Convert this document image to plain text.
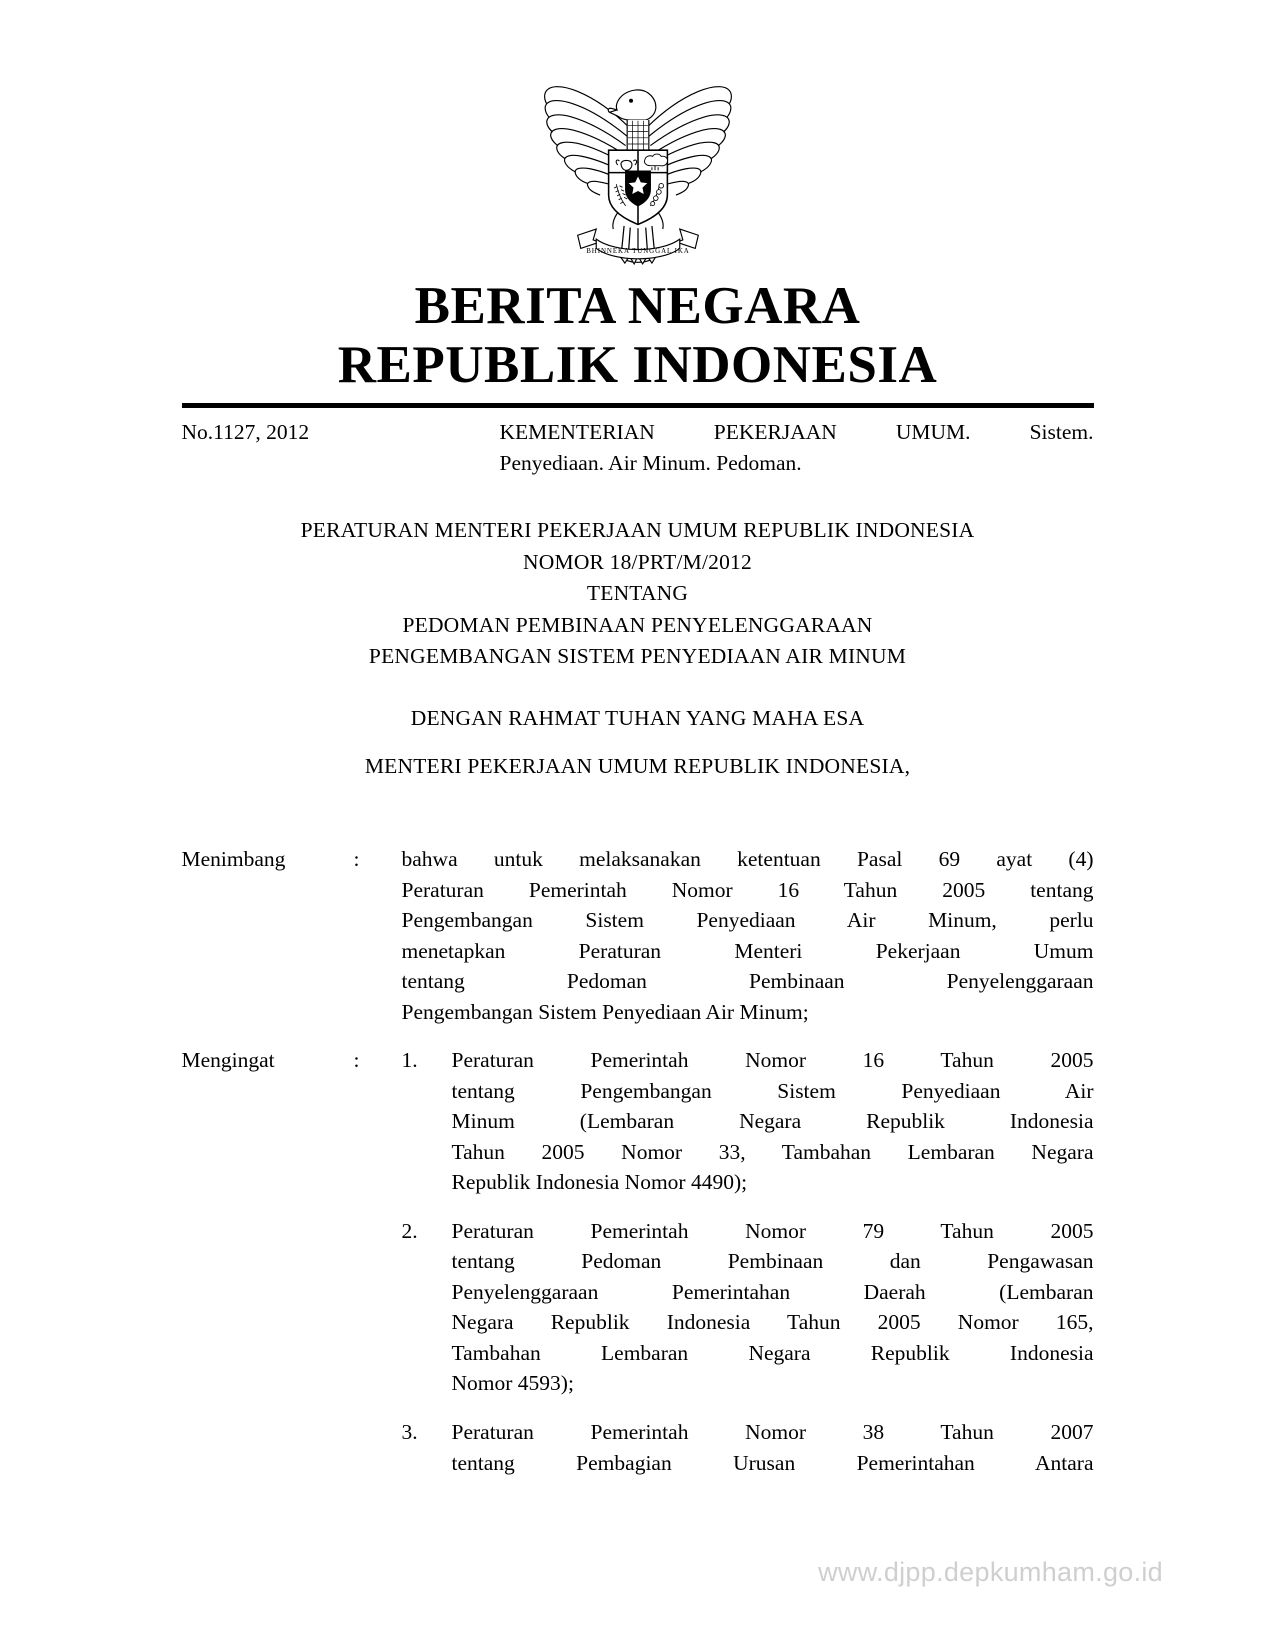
BHINNEKA TUNGGAL IKA
BERITA NEGARA
REPUBLIK INDONESIA
No.1127, 2012	KEMENTERIAN PEKERJAAN UMUM. Sistem.
Penyediaan. Air Minum. Pedoman.
PERATURAN MENTERI PEKERJAAN UMUM REPUBLIK INDONESIA
NOMOR 18/PRT/M/2012
TENTANG
PEDOMAN PEMBINAAN PENYELENGGARAAN
PENGEMBANGAN SISTEM PENYEDIAAN AIR MINUM
DENGAN RAHMAT TUHAN YANG MAHA ESA
MENTERI PEKERJAAN UMUM REPUBLIK INDONESIA,
Menimbang	:	bahwa untuk melaksanakan ketentuan Pasal 69 ayat (4)
Peraturan Pemerintah Nomor 16 Tahun 2005 tentang
Pengembangan Sistem Penyediaan Air Minum, perlu
menetapkan Peraturan Menteri Pekerjaan Umum
tentang Pedoman Pembinaan Penyelenggaraan
Pengembangan Sistem Penyediaan Air Minum;
Mengingat	:	1.	Peraturan Pemerintah Nomor 16 Tahun 2005
tentang Pengembangan Sistem Penyediaan Air
Minum (Lembaran Negara Republik Indonesia
Tahun 2005 Nomor 33, Tambahan Lembaran Negara
Republik Indonesia Nomor 4490);
2.	Peraturan Pemerintah Nomor 79 Tahun 2005
tentang Pedoman Pembinaan dan Pengawasan
Penyelenggaraan Pemerintahan Daerah (Lembaran
Negara Republik Indonesia Tahun 2005 Nomor 165,
Tambahan Lembaran Negara Republik Indonesia
Nomor 4593);
3.	Peraturan Pemerintah Nomor 38 Tahun 2007
tentang Pembagian Urusan Pemerintahan Antara
www.djpp.depkumham.go.id
